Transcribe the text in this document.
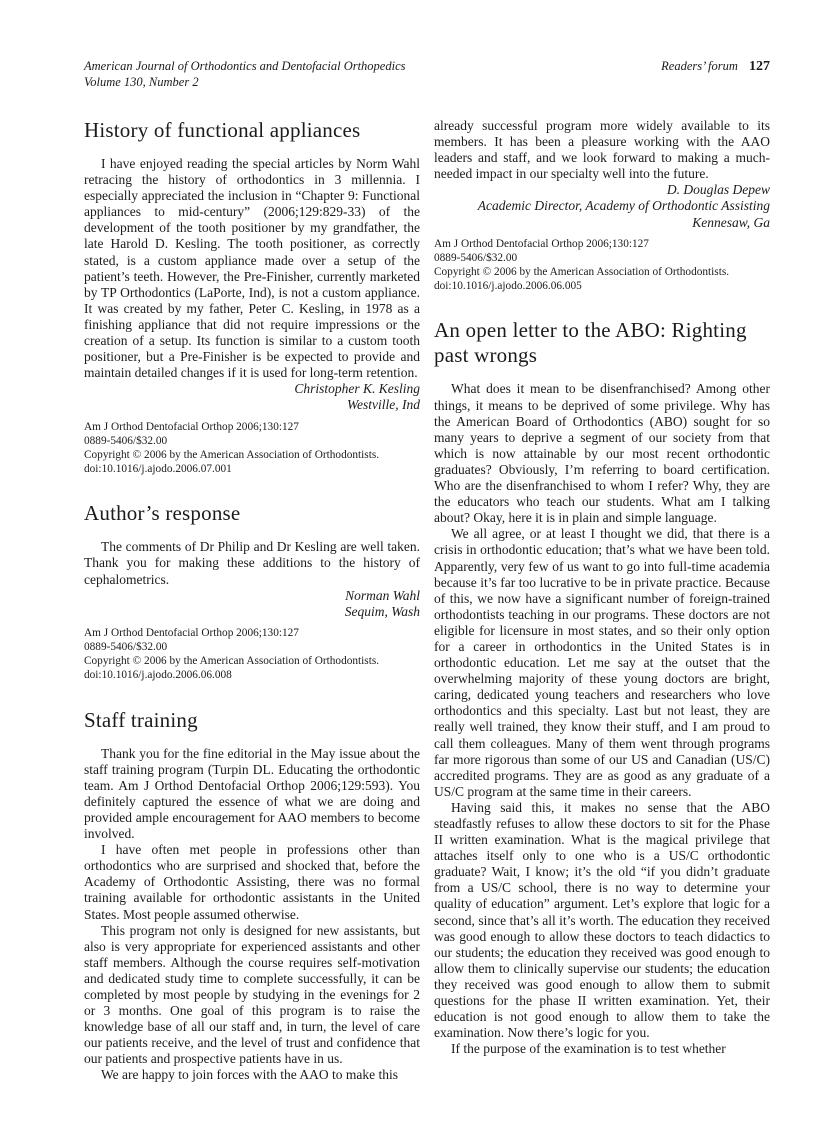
American Journal of Orthodontics and Dentofacial Orthopedics
Volume 130, Number 2
Readers’ forum 127
History of functional appliances

I have enjoyed reading the special articles by Norm Wahl retracing the history of orthodontics in 3 millennia. I especially appreciated the inclusion in “Chapter 9: Functional appliances to mid-century” (2006;129:829-33) of the development of the tooth positioner by my grandfather, the late Harold D. Kesling. The tooth positioner, as correctly stated, is a custom appliance made over a setup of the patient’s teeth. However, the Pre-Finisher, currently marketed by TP Orthodontics (LaPorte, Ind), is not a custom appliance. It was created by my father, Peter C. Kesling, in 1978 as a finishing appliance that did not require impressions or the creation of a setup. Its function is similar to a custom tooth positioner, but a Pre-Finisher is be expected to provide and maintain detailed changes if it is used for long-term retention.

Christopher K. Kesling
Westville, Ind
Am J Orthod Dentofacial Orthop 2006;130:127
0889-5406/$32.00
Copyright © 2006 by the American Association of Orthodontists.
doi:10.1016/j.ajodo.2006.07.001
Author’s response

The comments of Dr Philip and Dr Kesling are well taken. Thank you for making these additions to the history of cephalometrics.

Norman Wahl
Sequim, Wash
Am J Orthod Dentofacial Orthop 2006;130:127
0889-5406/$32.00
Copyright © 2006 by the American Association of Orthodontists.
doi:10.1016/j.ajodo.2006.06.008
Staff training

Thank you for the fine editorial in the May issue about the staff training program (Turpin DL. Educating the orthodontic team. Am J Orthod Dentofacial Orthop 2006;129:593). You definitely captured the essence of what we are doing and provided ample encouragement for AAO members to become involved.

I have often met people in professions other than orthodontics who are surprised and shocked that, before the Academy of Orthodontic Assisting, there was no formal training available for orthodontic assistants in the United States. Most people assumed otherwise.

This program not only is designed for new assistants, but also is very appropriate for experienced assistants and other staff members. Although the course requires self-motivation and dedicated study time to complete successfully, it can be completed by most people by studying in the evenings for 2 or 3 months. One goal of this program is to raise the knowledge base of all our staff and, in turn, the level of care our patients receive, and the level of trust and confidence that our patients and prospective patients have in us.

We are happy to join forces with the AAO to make this

already successful program more widely available to its members. It has been a pleasure working with the AAO leaders and staff, and we look forward to making a much-needed impact in our specialty well into the future.

D. Douglas Depew
Academic Director, Academy of Orthodontic Assisting
Kennesaw, Ga
Am J Orthod Dentofacial Orthop 2006;130:127
0889-5406/$32.00
Copyright © 2006 by the American Association of Orthodontists.
doi:10.1016/j.ajodo.2006.06.005
An open letter to the ABO: Righting past wrongs

What does it mean to be disenfranchised? Among other things, it means to be deprived of some privilege. Why has the American Board of Orthodontics (ABO) sought for so many years to deprive a segment of our society from that which is now attainable by our most recent orthodontic graduates? Obviously, I’m referring to board certification. Who are the disenfranchised to whom I refer? Why, they are the educators who teach our students. What am I talking about? Okay, here it is in plain and simple language.

We all agree, or at least I thought we did, that there is a crisis in orthodontic education; that’s what we have been told. Apparently, very few of us want to go into full-time academia because it’s far too lucrative to be in private practice. Because of this, we now have a significant number of foreign-trained orthodontists teaching in our programs. These doctors are not eligible for licensure in most states, and so their only option for a career in orthodontics in the United States is in orthodontic education. Let me say at the outset that the overwhelming majority of these young doctors are bright, caring, dedicated young teachers and researchers who love orthodontics and this specialty. Last but not least, they are really well trained, they know their stuff, and I am proud to call them colleagues. Many of them went through programs far more rigorous than some of our US and Canadian (US/C) accredited programs. They are as good as any graduate of a US/C program at the same time in their careers.

Having said this, it makes no sense that the ABO steadfastly refuses to allow these doctors to sit for the Phase II written examination. What is the magical privilege that attaches itself only to one who is a US/C orthodontic graduate? Wait, I know; it’s the old “if you didn’t graduate from a US/C school, there is no way to determine your quality of education” argument. Let’s explore that logic for a second, since that’s all it’s worth. The education they received was good enough to allow these doctors to teach didactics to our students; the education they received was good enough to allow them to clinically supervise our students; the education they received was good enough to allow them to submit questions for the phase II written examination. Yet, their education is not good enough to allow them to take the examination. Now there’s logic for you.

If the purpose of the examination is to test whether
